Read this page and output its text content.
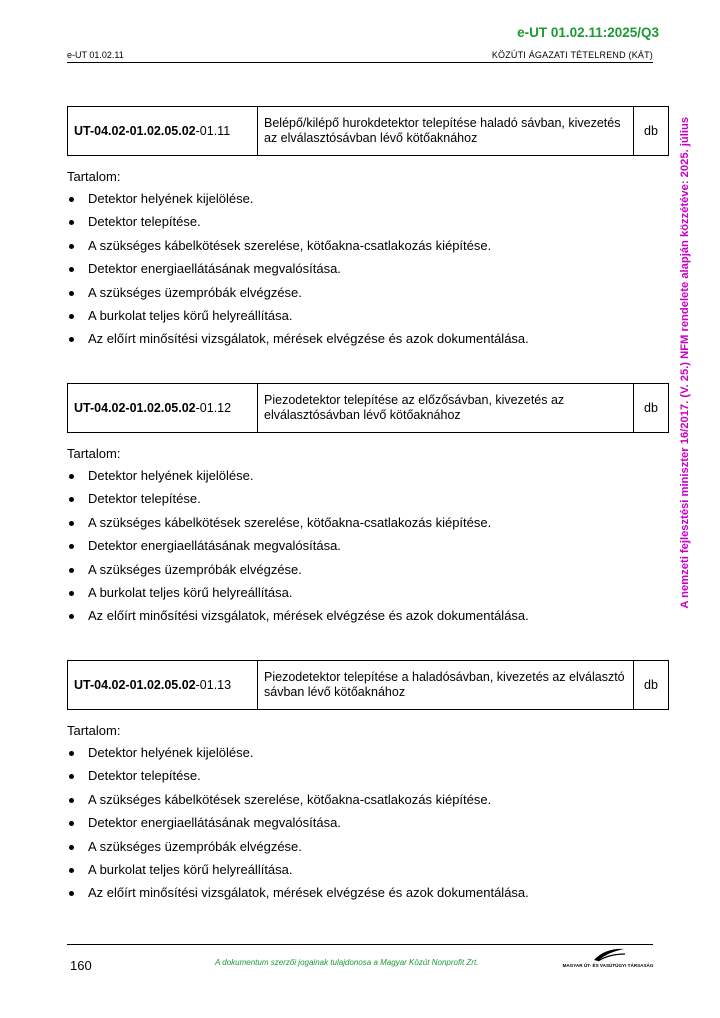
e-UT 01.02.11:2025/Q3
e-UT 01.02.11	KÖZÚTI ÁGAZATI TÉTELREND (KÁT)
A nemzeti fejlesztési miniszter 16/2017. (V. 25.) NFM rendelete alapján közzétéve: 2025. július
UT-04.02-01.02.05.02-01.11	Belépő/kilépő hurokdetektor telepítése haladó sávban, kivezetés az elválasztósávban lévő kötőaknához	db
Tartalom:
Detektor helyének kijelölése.
Detektor telepítése.
A szükséges kábelkötések szerelése, kötőakna-csatlakozás kiépítése.
Detektor energiaellátásának megvalósítása.
A szükséges üzempróbák elvégzése.
A burkolat teljes körű helyreállítása.
Az előírt minősítési vizsgálatok, mérések elvégzése és azok dokumentálása.
UT-04.02-01.02.05.02-01.12	Piezodetektor telepítése az előzősávban, kivezetés az elválasztósávban lévő kötőaknához	db
Tartalom:
Detektor helyének kijelölése.
Detektor telepítése.
A szükséges kábelkötések szerelése, kötőakna-csatlakozás kiépítése.
Detektor energiaellátásának megvalósítása.
A szükséges üzempróbák elvégzése.
A burkolat teljes körű helyreállítása.
Az előírt minősítési vizsgálatok, mérések elvégzése és azok dokumentálása.
UT-04.02-01.02.05.02-01.13	Piezodetektor telepítése a haladósávban, kivezetés az elválasztó sávban lévő kötőaknához	db
Tartalom:
Detektor helyének kijelölése.
Detektor telepítése.
A szükséges kábelkötések szerelése, kötőakna-csatlakozás kiépítése.
Detektor energiaellátásának megvalósítása.
A szükséges üzempróbák elvégzése.
A burkolat teljes körű helyreállítása.
Az előírt minősítési vizsgálatok, mérések elvégzése és azok dokumentálása.
160	A dokumentum szerzői jogainak tulajdonosa a Magyar Közút Nonprofit Zrt.	MAGYAR ÚT- ÉS VASÚTÜGYI TÁRSASÁG
